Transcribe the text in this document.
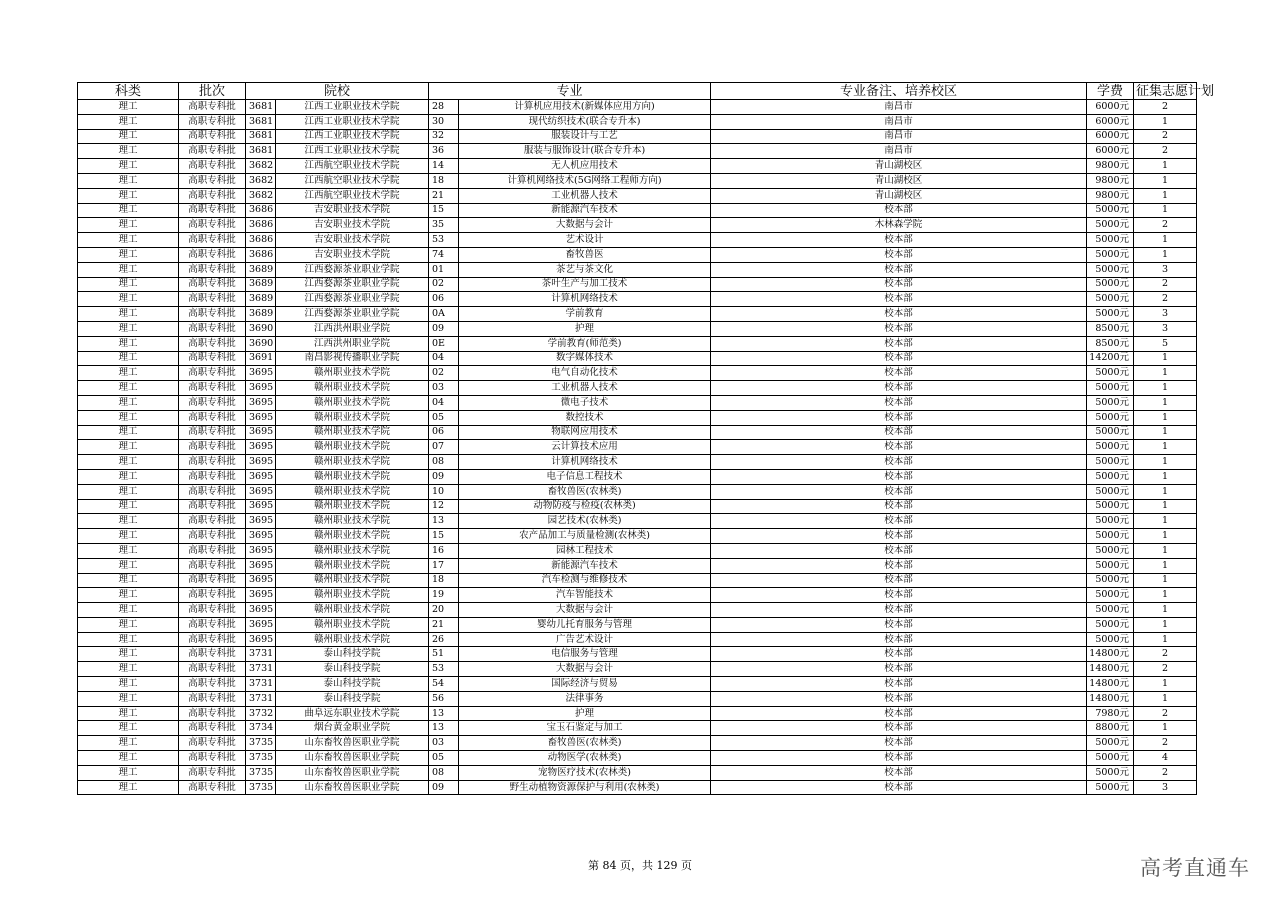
科类	批次	院校		专业		专业备注、培养校区	学费	征集志愿计划
理工	高职专科批	3681	江西工业职业技术学院	28	计算机应用技术(新媒体应用方向)	南昌市	6000元	2
理工	高职专科批	3681	江西工业职业技术学院	30	现代纺织技术(联合专升本)	南昌市	6000元	1
理工	高职专科批	3681	江西工业职业技术学院	32	服装设计与工艺	南昌市	6000元	2
理工	高职专科批	3681	江西工业职业技术学院	36	服装与服饰设计(联合专升本)	南昌市	6000元	2
理工	高职专科批	3682	江西航空职业技术学院	14	无人机应用技术	青山湖校区	9800元	1
理工	高职专科批	3682	江西航空职业技术学院	18	计算机网络技术(5G网络工程师方向)	青山湖校区	9800元	1
理工	高职专科批	3682	江西航空职业技术学院	21	工业机器人技术	青山湖校区	9800元	1
理工	高职专科批	3686	吉安职业技术学院	15	新能源汽车技术	校本部	5000元	1
理工	高职专科批	3686	吉安职业技术学院	35	大数据与会计	木林森学院	5000元	2
理工	高职专科批	3686	吉安职业技术学院	53	艺术设计	校本部	5000元	1
理工	高职专科批	3686	吉安职业技术学院	74	畜牧兽医	校本部	5000元	1
理工	高职专科批	3689	江西婺源茶业职业学院	01	茶艺与茶文化	校本部	5000元	3
理工	高职专科批	3689	江西婺源茶业职业学院	02	茶叶生产与加工技术	校本部	5000元	2
理工	高职专科批	3689	江西婺源茶业职业学院	06	计算机网络技术	校本部	5000元	2
理工	高职专科批	3689	江西婺源茶业职业学院	0A	学前教育	校本部	5000元	3
理工	高职专科批	3690	江西洪州职业学院	09	护理	校本部	8500元	3
理工	高职专科批	3690	江西洪州职业学院	0E	学前教育(师范类)	校本部	8500元	5
理工	高职专科批	3691	南昌影视传播职业学院	04	数字媒体技术	校本部	14200元	1
理工	高职专科批	3695	赣州职业技术学院	02	电气自动化技术	校本部	5000元	1
理工	高职专科批	3695	赣州职业技术学院	03	工业机器人技术	校本部	5000元	1
理工	高职专科批	3695	赣州职业技术学院	04	微电子技术	校本部	5000元	1
理工	高职专科批	3695	赣州职业技术学院	05	数控技术	校本部	5000元	1
理工	高职专科批	3695	赣州职业技术学院	06	物联网应用技术	校本部	5000元	1
理工	高职专科批	3695	赣州职业技术学院	07	云计算技术应用	校本部	5000元	1
理工	高职专科批	3695	赣州职业技术学院	08	计算机网络技术	校本部	5000元	1
理工	高职专科批	3695	赣州职业技术学院	09	电子信息工程技术	校本部	5000元	1
理工	高职专科批	3695	赣州职业技术学院	10	畜牧兽医(农林类)	校本部	5000元	1
理工	高职专科批	3695	赣州职业技术学院	12	动物防疫与检疫(农林类)	校本部	5000元	1
理工	高职专科批	3695	赣州职业技术学院	13	园艺技术(农林类)	校本部	5000元	1
理工	高职专科批	3695	赣州职业技术学院	15	农产品加工与质量检测(农林类)	校本部	5000元	1
理工	高职专科批	3695	赣州职业技术学院	16	园林工程技术	校本部	5000元	1
理工	高职专科批	3695	赣州职业技术学院	17	新能源汽车技术	校本部	5000元	1
理工	高职专科批	3695	赣州职业技术学院	18	汽车检测与维修技术	校本部	5000元	1
理工	高职专科批	3695	赣州职业技术学院	19	汽车智能技术	校本部	5000元	1
理工	高职专科批	3695	赣州职业技术学院	20	大数据与会计	校本部	5000元	1
理工	高职专科批	3695	赣州职业技术学院	21	婴幼儿托育服务与管理	校本部	5000元	1
理工	高职专科批	3695	赣州职业技术学院	26	广告艺术设计	校本部	5000元	1
理工	高职专科批	3731	泰山科技学院	51	电信服务与管理	校本部	14800元	2
理工	高职专科批	3731	泰山科技学院	53	大数据与会计	校本部	14800元	2
理工	高职专科批	3731	泰山科技学院	54	国际经济与贸易	校本部	14800元	1
理工	高职专科批	3731	泰山科技学院	56	法律事务	校本部	14800元	1
理工	高职专科批	3732	曲阜远东职业技术学院	13	护理	校本部	7980元	2
理工	高职专科批	3734	烟台黄金职业学院	13	宝玉石鉴定与加工	校本部	8800元	1
理工	高职专科批	3735	山东畜牧兽医职业学院	03	畜牧兽医(农林类)	校本部	5000元	2
理工	高职专科批	3735	山东畜牧兽医职业学院	05	动物医学(农林类)	校本部	5000元	4
理工	高职专科批	3735	山东畜牧兽医职业学院	08	宠物医疗技术(农林类)	校本部	5000元	2
理工	高职专科批	3735	山东畜牧兽医职业学院	09	野生动植物资源保护与利用(农林类)	校本部	5000元	3
第 84 页，共 129 页	高考直通车
